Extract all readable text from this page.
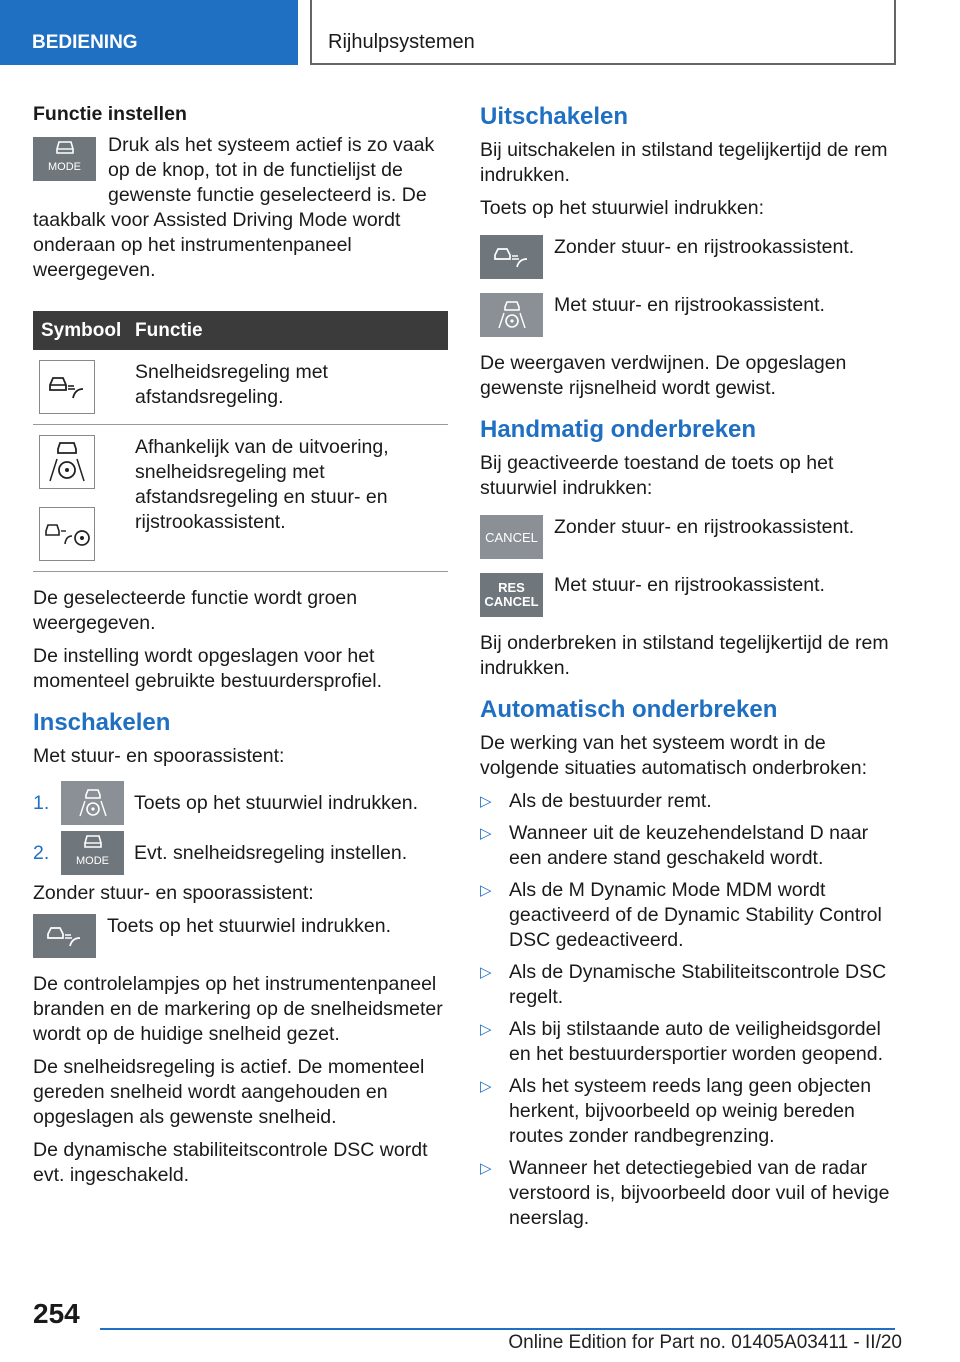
BEDIENING	Rijhulpsystemen
Functie instellen
MODE

Druk als het systeem actief is zo vaak op de knop, tot in de functielijst de gewenste functie geselecteerd is. De taakbalk voor Assisted Driving Mode wordt onderaan op het instrumentenpaneel weergegeven.

Symbool	Functie

	Snelheidsregeling met afstandsregeling.

	Afhankelijk van de uitvoering, snelheidsregeling met afstandsregeling en stuur- en rijstrookassistent.

De geselecteerde functie wordt groen weergegeven.

De instelling wordt opgeslagen voor het momenteel gebruikte bestuurdersprofiel.

Inschakelen

Met stuur- en spoorassistent:

1.	Toets op het stuurwiel indrukken.
2.	MODE Evt. snelheidsregeling instellen.

Zonder stuur- en spoorassistent:

Toets op het stuurwiel indrukken.

De controlelampjes op het instrumentenpaneel branden en de markering op de snelheidsmeter wordt op de huidige snelheid gezet.

De snelheidsregeling is actief. De momenteel gereden snelheid wordt aangehouden en opgeslagen als gewenste snelheid.

De dynamische stabiliteitscontrole DSC wordt evt. ingeschakeld.

Uitschakelen

Bij uitschakelen in stilstand tegelijkertijd de rem indrukken.

Toets op het stuurwiel indrukken:

Zonder stuur- en rijstrookassistent.
Met stuur- en rijstrookassistent.

De weergaven verdwijnen. De opgeslagen gewenste rijsnelheid wordt gewist.

Handmatig onderbreken

Bij geactiveerde toestand de toets op het stuurwiel indrukken:

CANCEL Zonder stuur- en rijstrookassistent.
RES
CANCEL
Met stuur- en rijstrookassistent.

Bij onderbreken in stilstand tegelijkertijd de rem indrukken.

Automatisch onderbreken

De werking van het systeem wordt in de volgende situaties automatisch onderbroken:

▷ Als de bestuurder remt.
▷ Wanneer uit de keuzehendelstand D naar een andere stand geschakeld wordt.
▷ Als de M Dynamic Mode MDM wordt geactiveerd of de Dynamic Stability Control DSC gedeactiveerd.
▷ Als de Dynamische Stabiliteitscontrole DSC regelt.
▷ Als bij stilstaande auto de veiligheidsgordel en het bestuurdersportier worden geopend.
▷ Als het systeem reeds lang geen objecten herkent, bijvoorbeeld op weinig bereden routes zonder randbegrenzing.
▷ Wanneer het detectiegebied van de radar verstoord is, bijvoorbeeld door vuil of hevige neerslag.
254
Online Edition for Part no. 01405A03411 - II/20
